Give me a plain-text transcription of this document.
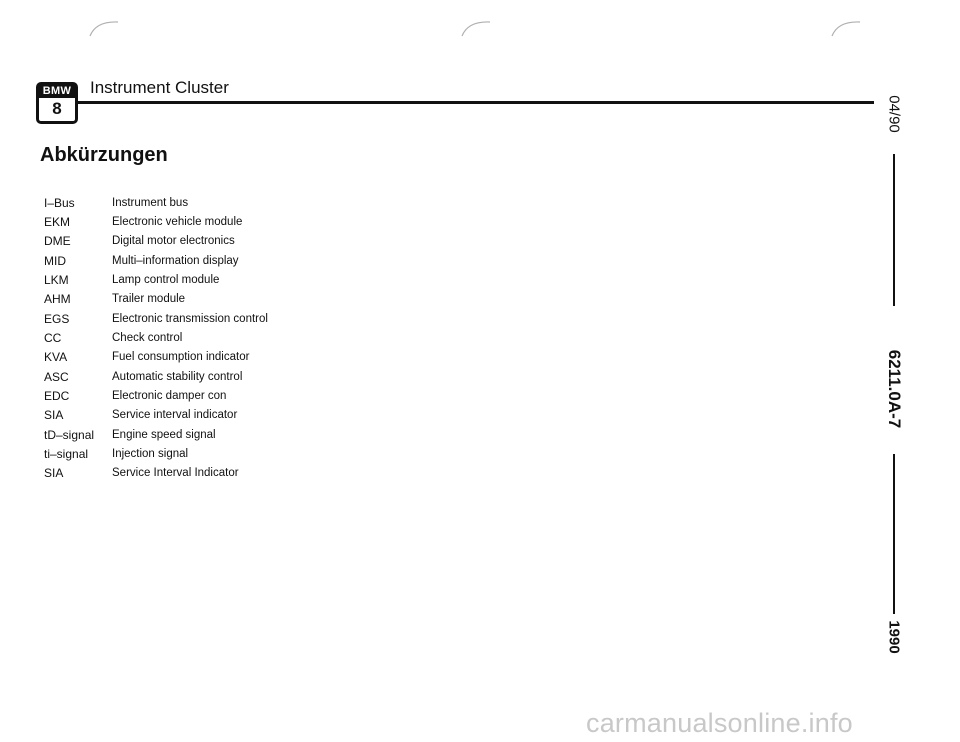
BMW
8
Instrument Cluster
Abkürzungen
I–Bus	Instrument bus
EKM	Electronic vehicle module
DME	Digital motor electronics
MID	Multi–information display
LKM	Lamp control module
AHM	Trailer module
EGS	Electronic transmission control
CC	Check control
KVA	Fuel consumption indicator
ASC	Automatic stability control
EDC	Electronic damper con
SIA	Service interval indicator
tD–signal	Engine speed signal
ti–signal	Injection signal
SIA	Service Interval Indicator
04/90
6211.0A-7
1990
carmanualsonline.info
